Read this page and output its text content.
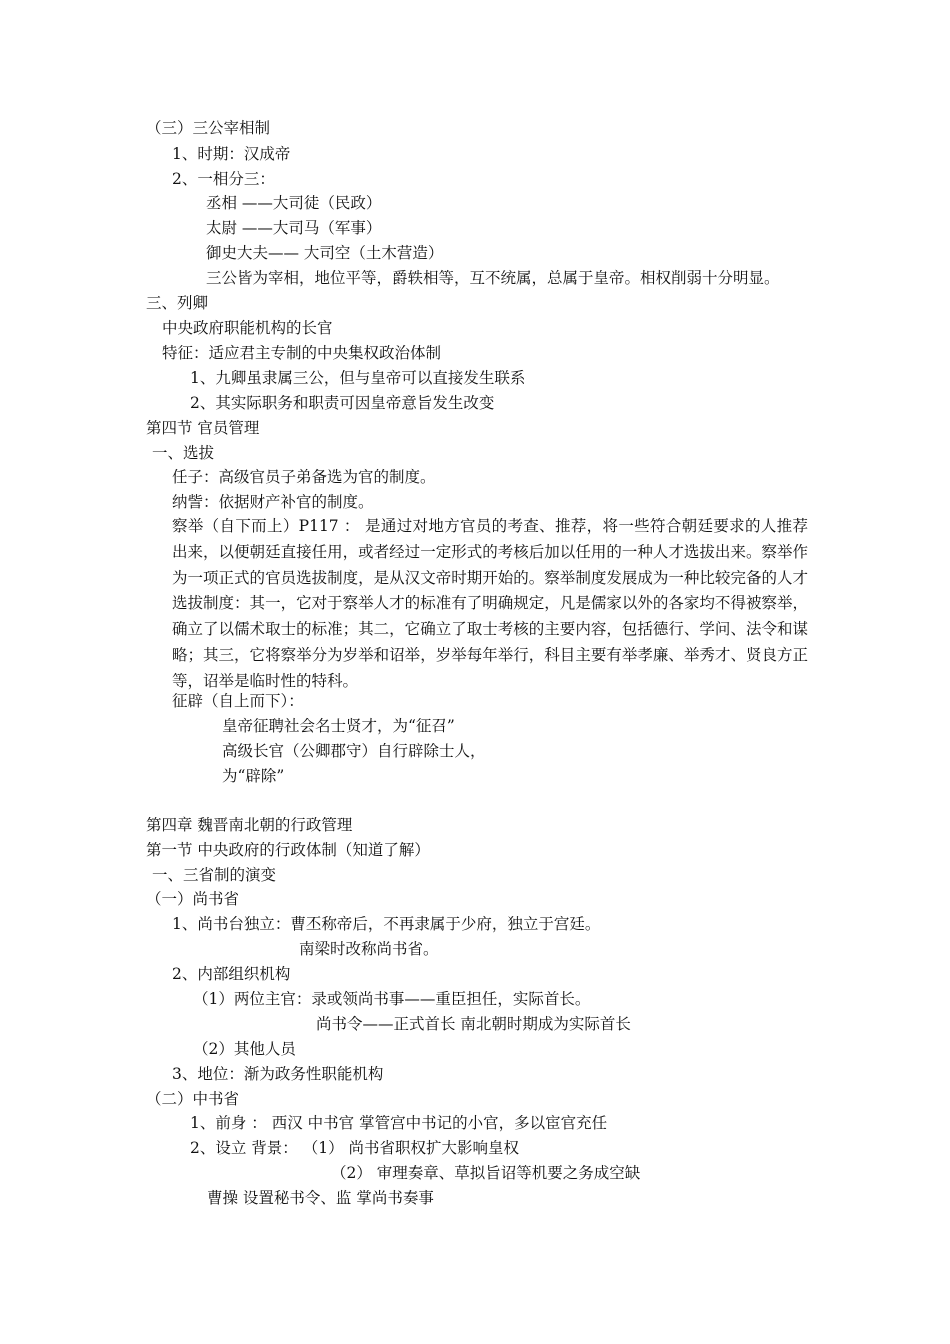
（三）三公宰相制
1、时期：汉成帝
2、一相分三：
丞相 ——大司徒（民政）
太尉 ——大司马（军事）
御史大夫—— 大司空（土木营造）
三公皆为宰相，地位平等，爵轶相等，互不统属，总属于皇帝。相权削弱十分明显。
三、列卿
中央政府职能机构的长官
特征：适应君主专制的中央集权政治体制
1、九卿虽隶属三公，但与皇帝可以直接发生联系
2、其实际职务和职责可因皇帝意旨发生改变
第四节 官员管理
一、选拔
任子：高级官员子弟备选为官的制度。
纳訾：依据财产补官的制度。
察举（自下而上）P117 ： 是通过对地方官员的考查、推荐，将一些符合朝廷要求的人推荐出来，以便朝廷直接任用，或者经过一定形式的考核后加以任用的一种人才选拔出来。察举作为一项正式的官员选拔制度，是从汉文帝时期开始的。察举制度发展成为一种比较完备的人才选拔制度：其一，它对于察举人才的标准有了明确规定，凡是儒家以外的各家均不得被察举，确立了以儒术取士的标准；其二，它确立了取士考核的主要内容，包括德行、学问、法令和谋略；其三，它将察举分为岁举和诏举，岁举每年举行，科目主要有举孝廉、举秀才、贤良方正等，诏举是临时性的特科。
征辟（自上而下）：
皇帝征聘社会名士贤才，为“征召”
高级长官（公卿郡守）自行辟除士人，
为“辟除”
第四章 魏晋南北朝的行政管理
第一节 中央政府的行政体制（知道了解）
一、三省制的演变
（一）尚书省
1、尚书台独立：曹丕称帝后，不再隶属于少府，独立于宫廷。
南梁时改称尚书省。
2、内部组织机构
（1）两位主官：录或领尚书事——重臣担任，实际首长。
尚书令——正式首长 南北朝时期成为实际首长
（2）其他人员
3、地位：渐为政务性职能机构
（二）中书省
1、前身 ： 西汉 中书官 掌管宫中书记的小官，多以宦官充任
2、设立 背景： （1） 尚书省职权扩大影响皇权
（2） 审理奏章、草拟旨诏等机要之务成空缺
曹操 设置秘书令、监 掌尚书奏事
